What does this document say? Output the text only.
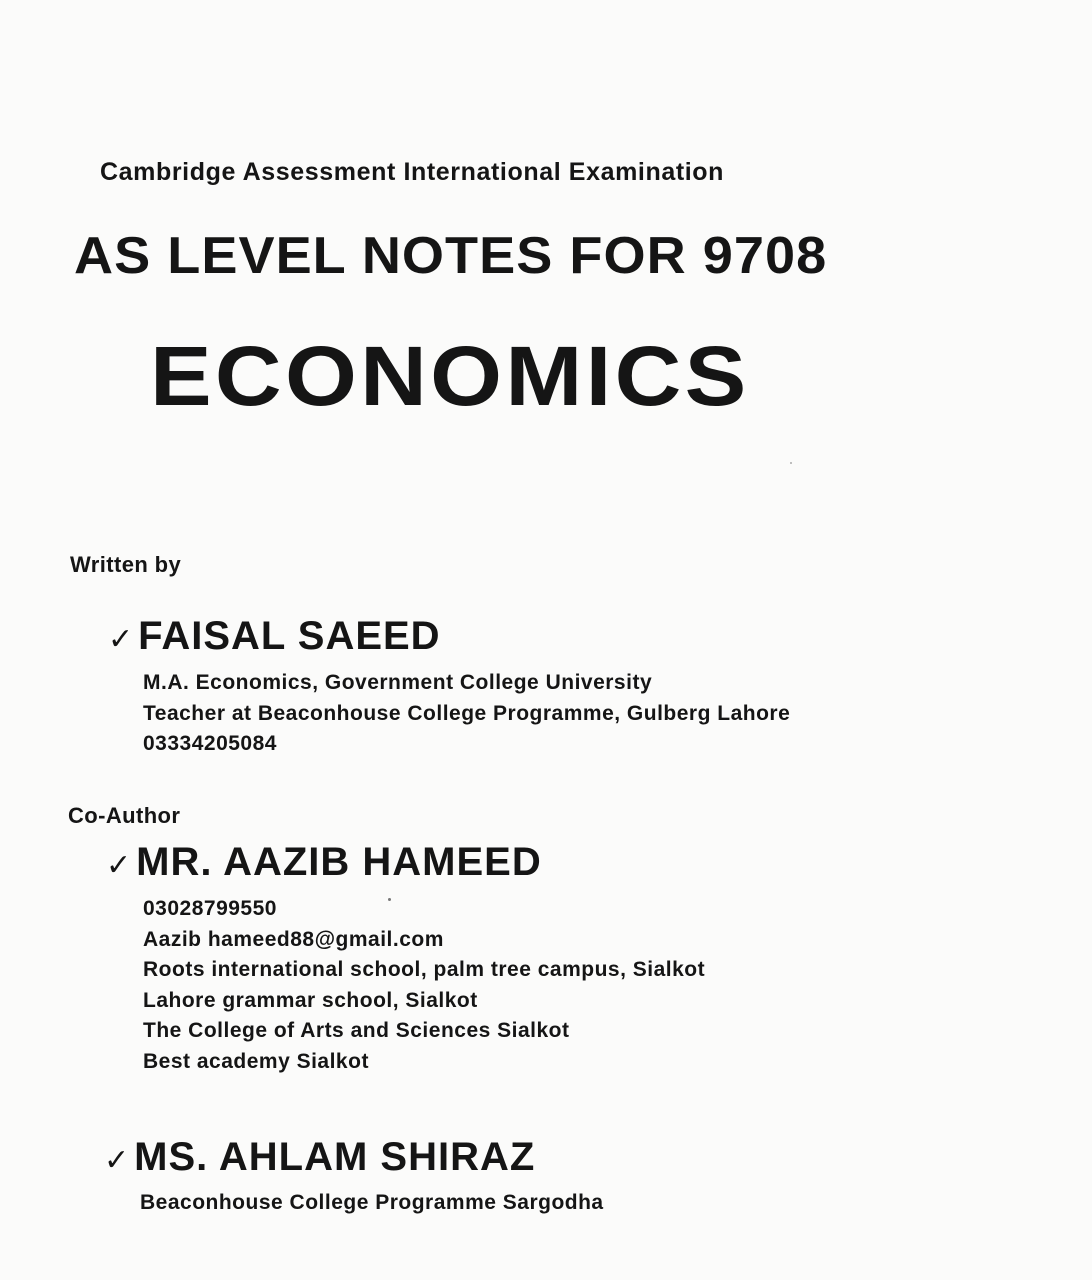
Cambridge Assessment International Examination
AS LEVEL NOTES FOR 9708
ECONOMICS
Written by
✓ FAISAL SAEED
M.A. Economics, Government College University
Teacher at Beaconhouse College Programme, Gulberg Lahore
03334205084
Co-Author
✓ MR. AAZIB HAMEED
03028799550
Aazib hameed88@gmail.com
Roots international school, palm tree campus, Sialkot
Lahore grammar school, Sialkot
The College of Arts and Sciences Sialkot
Best academy Sialkot
✓ MS. AHLAM SHIRAZ
Beaconhouse College Programme Sargodha
